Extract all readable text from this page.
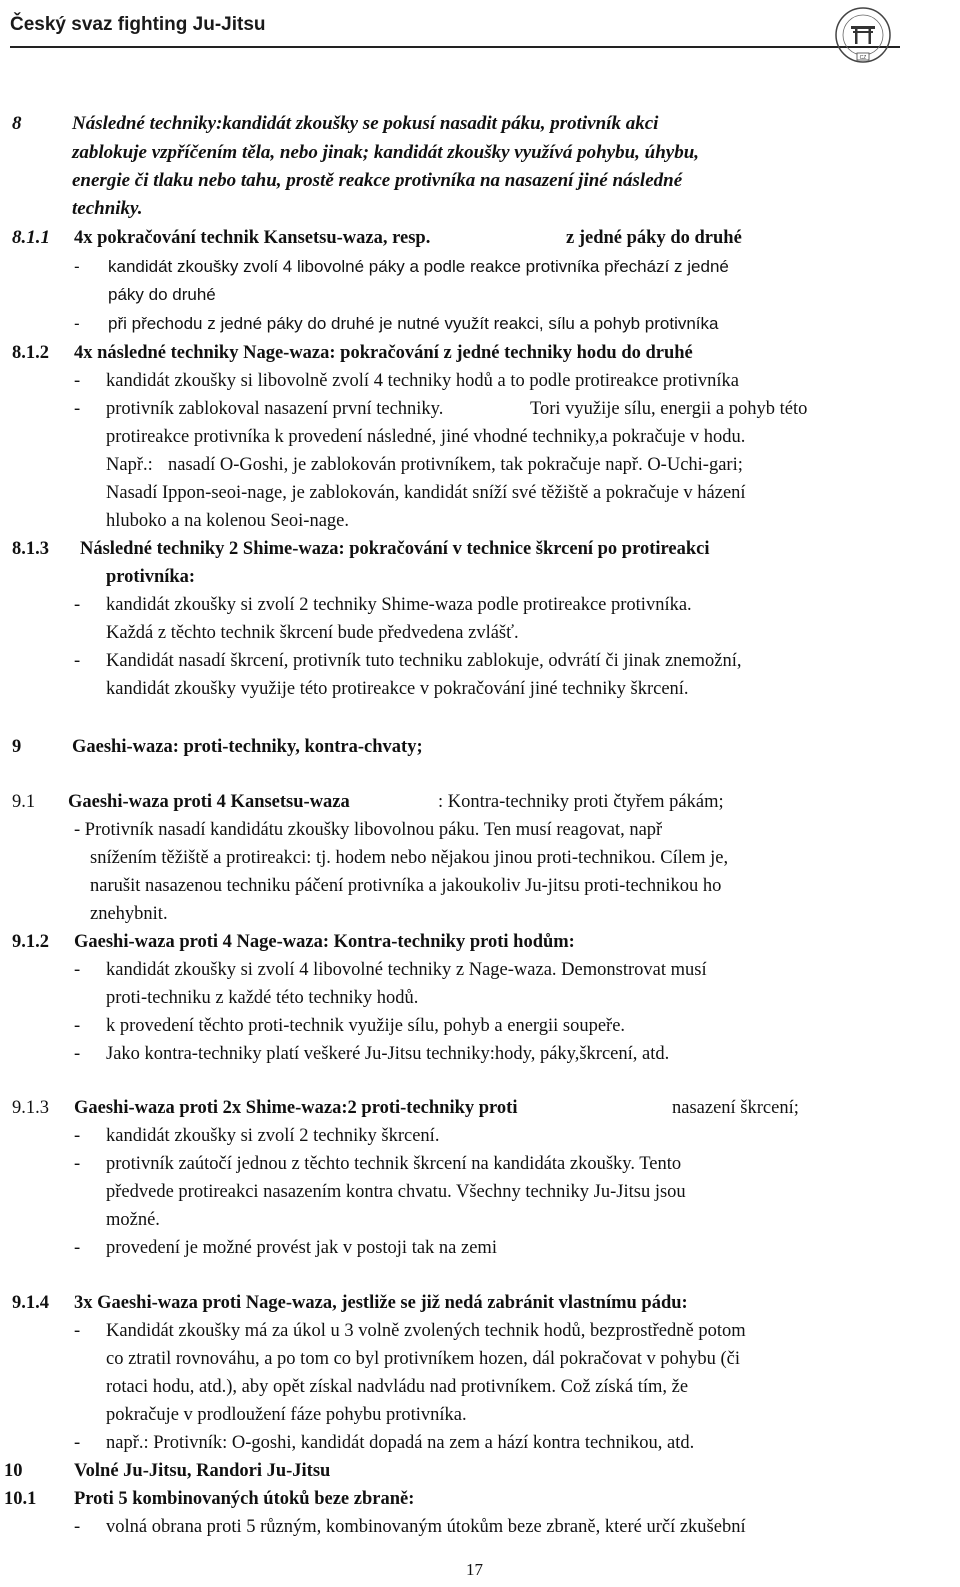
Český svaz fighting Ju-Jitsu
CZ
8	Následné techniky:kandidát zkoušky se pokusí nasadit páku, protivník akci
zablokuje vzpříčením těla, nebo jinak; kandidát zkoušky využívá pohybu, úhybu,
energie či tlaku nebo tahu, prostě reakce protivníka na nasazení jiné následné
techniky.
8.1.1 4x pokračování technik Kansetsu-waza, resp.	z jedné páky do druhé
- kandidát zkoušky zvolí 4 libovolné páky a podle reakce protivníka přechází z jedné
páky do druhé
- při přechodu z jedné páky do druhé je nutné využít reakci, sílu a pohyb protivníka
8.1.2 4x následné techniky Nage-waza: pokračování z jedné techniky hodu do druhé
- kandidát zkoušky si libovolně zvolí 4 techniky hodů a to podle protireakce protivníka
- protivník zablokoval nasazení první techniky.	Tori využije sílu, energii a pohyb této
protireakce protivníka k provedení následné, jiné vhodné techniky,a pokračuje v hodu.
Např.: nasadí O-Goshi, je zablokován protivníkem, tak pokračuje např. O-Uchi-gari;
Nasadí Ippon-seoi-nage, je zablokován, kandidát sníží své těžiště a pokračuje v házení
hluboko a na kolenou Seoi-nage.
8.1.3 Následné techniky 2 Shime-waza: pokračování v technice škrcení po protireakci
protivníka:
- kandidát zkoušky si zvolí 2 techniky Shime-waza podle protireakce protivníka.
Každá z těchto technik škrcení bude předvedena zvlášť.
- Kandidát nasadí škrcení, protivník tuto techniku zablokuje, odvrátí či jinak znemožní,
kandidát zkoušky využije této protireakce v pokračování jiné techniky škrcení.
9	Gaeshi-waza: proti-techniky, kontra-chvaty;
9.1 Gaeshi-waza proti 4 Kansetsu-waza	: Kontra-techniky proti čtyřem pákám;
- Protivník nasadí kandidátu zkoušky libovolnou páku. Ten musí reagovat, např
snížením těžiště a protireakci: tj. hodem nebo nějakou jinou proti-technikou. Cílem je,
narušit nasazenou techniku páčení protivníka a jakoukoliv Ju-jitsu proti-technikou ho
znehybnit.
9.1.2 Gaeshi-waza proti 4 Nage-waza: Kontra-techniky proti hodům:
- kandidát zkoušky si zvolí 4 libovolné techniky z Nage-waza. Demonstrovat musí
proti-techniku z každé této techniky hodů.
- k provedení těchto proti-technik využije sílu, pohyb a energii soupeře.
- Jako kontra-techniky platí veškeré Ju-Jitsu techniky:hody, páky,škrcení, atd.
9.1.3 Gaeshi-waza proti 2x Shime-waza:2 proti-techniky proti	nasazení škrcení;
- kandidát zkoušky si zvolí 2 techniky škrcení.
- protivník zaútočí jednou z těchto technik škrcení na kandidáta zkoušky. Tento
předvede protireakci nasazením kontra chvatu. Všechny techniky Ju-Jitsu jsou
možné.
- provedení je možné provést jak v postoji tak na zemi
9.1.4 3x Gaeshi-waza proti Nage-waza, jestliže se již nedá zabránit vlastnímu pádu:
- Kandidát zkoušky má za úkol u 3 volně zvolených technik hodů, bezprostředně potom
co ztratil rovnováhu, a po tom co byl protivníkem hozen, dál pokračovat v pohybu (či
rotaci hodu, atd.), aby opět získal nadvládu nad protivníkem. Což získá tím, že
pokračuje v prodloužení fáze pohybu protivníka.
- např.: Protivník: O-goshi, kandidát dopadá na zem a hází kontra technikou, atd.
10	Volné Ju-Jitsu, Randori Ju-Jitsu
10.1 Proti 5 kombinovaných útoků beze zbraně:
- volná obrana proti 5 různým, kombinovaným útokům beze zbraně, které určí zkušební
17
